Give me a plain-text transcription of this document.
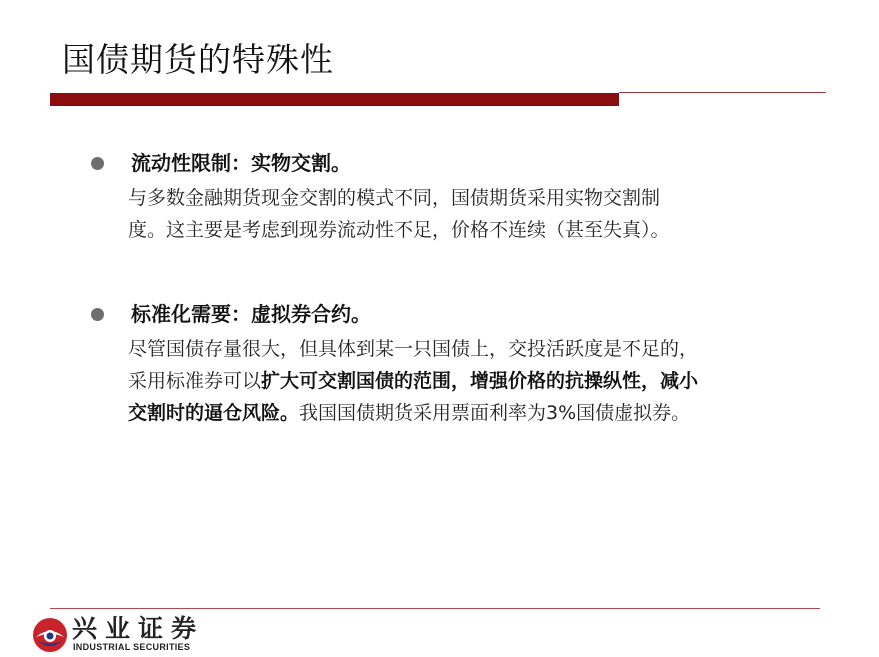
国债期货的特殊性
流动性限制：实物交割。
与多数金融期货现金交割的模式不同，国债期货采用实物交割制
度。这主要是考虑到现券流动性不足，价格不连续（甚至失真）。
标准化需要：虚拟券合约。
尽管国债存量很大，但具体到某一只国债上，交投活跃度是不足的，
采用标准券可以扩大可交割国债的范围，增强价格的抗操纵性，减小
交割时的逼仓风险。我国国债期货采用票面利率为3%国债虚拟券。
兴业证券
INDUSTRIAL SECURITIES
